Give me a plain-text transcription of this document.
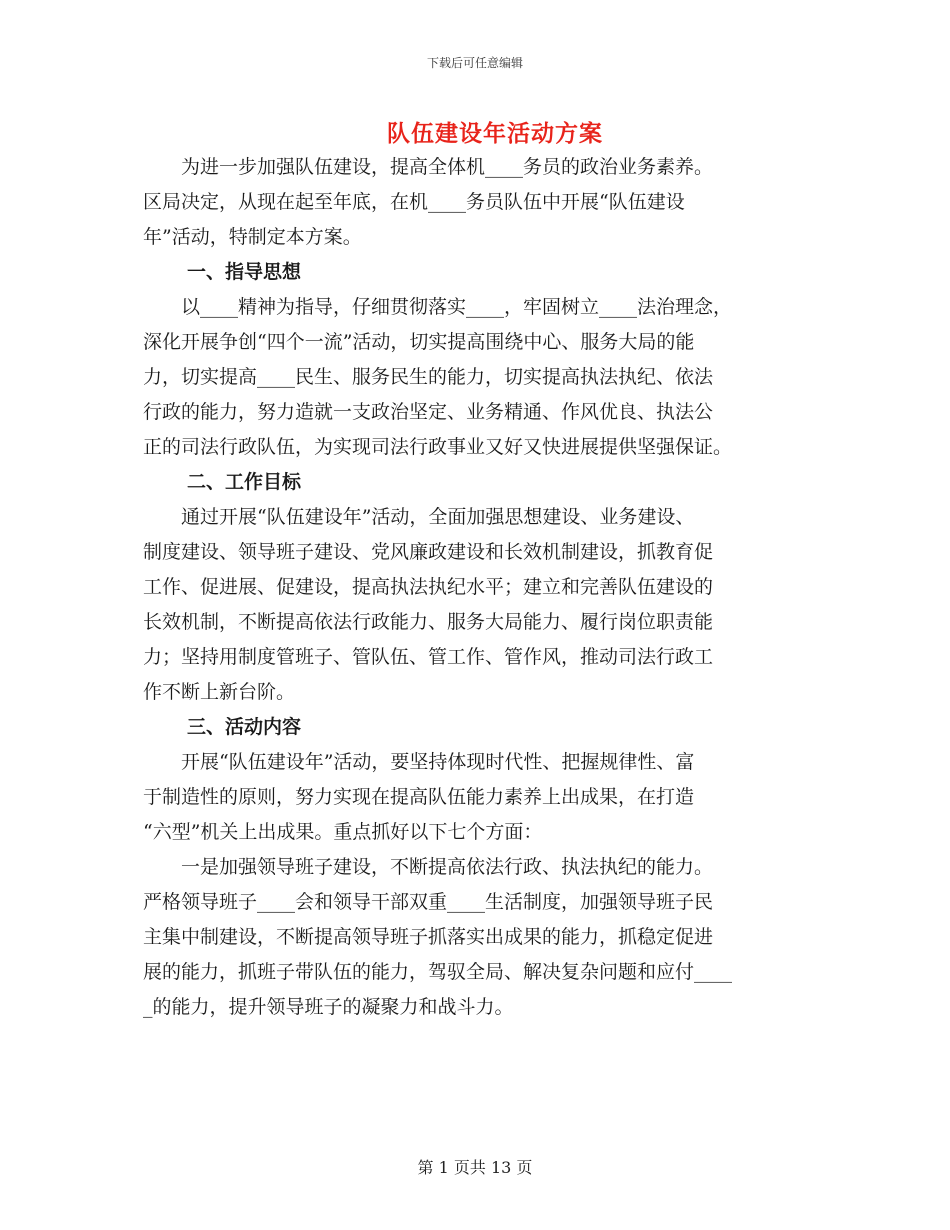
下载后可任意编辑
队伍建设年活动方案

　　为进一步加强队伍建设，提高全体机____务员的政治业务素养。
区局决定，从现在起至年底，在机____务员队伍中开展“队伍建设
年”活动，特制定本方案。

一、指导思想

　　以____精神为指导，仔细贯彻落实____，牢固树立____法治理念，
深化开展争创“四个一流”活动，切实提高围绕中心、服务大局的能
力，切实提高____民生、服务民生的能力，切实提高执法执纪、依法
行政的能力，努力造就一支政治坚定、业务精通、作风优良、执法公
正的司法行政队伍，为实现司法行政事业又好又快进展提供坚强保证。

二、工作目标

　　通过开展“队伍建设年”活动，全面加强思想建设、业务建设、
制度建设、领导班子建设、党风廉政建设和长效机制建设，抓教育促
工作、促进展、促建设，提高执法执纪水平；建立和完善队伍建设的
长效机制，不断提高依法行政能力、服务大局能力、履行岗位职责能
力；坚持用制度管班子、管队伍、管工作、管作风，推动司法行政工
作不断上新台阶。

三、活动内容

　　开展“队伍建设年”活动，要坚持体现时代性、把握规律性、富
于制造性的原则，努力实现在提高队伍能力素养上出成果，在打造
“六型”机关上出成果。重点抓好以下七个方面：

　　一是加强领导班子建设，不断提高依法行政、执法执纪的能力。
严格领导班子____会和领导干部双重____生活制度，加强领导班子民
主集中制建设，不断提高领导班子抓落实出成果的能力，抓稳定促进
展的能力，抓班子带队伍的能力，驾驭全局、解决复杂问题和应付____
_的能力，提升领导班子的凝聚力和战斗力。

第 1 页共 13 页
